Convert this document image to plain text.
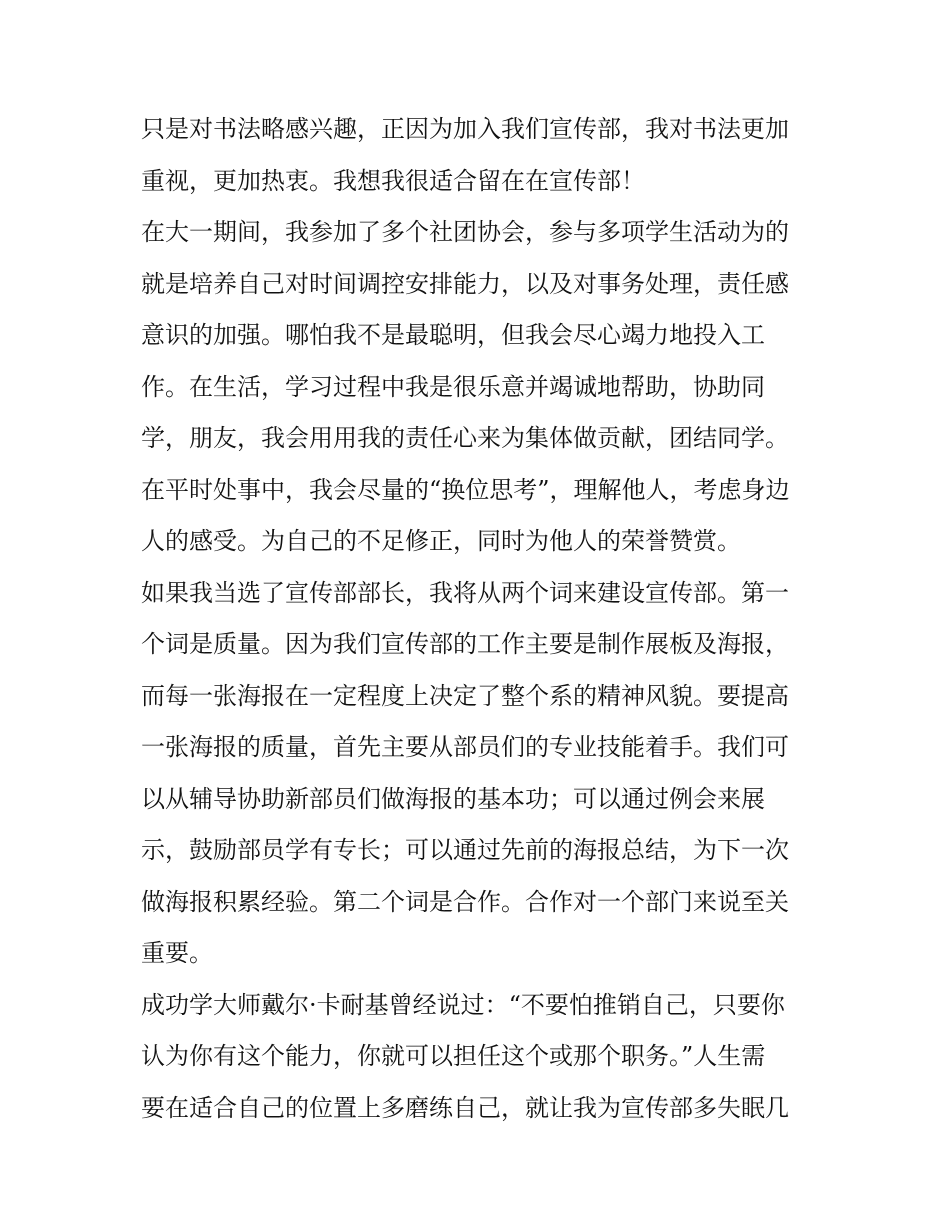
只是对书法略感兴趣，正因为加入我们宣传部，我对书法更加
重视，更加热衷。我想我很适合留在在宣传部！
在大一期间，我参加了多个社团协会，参与多项学生活动为的
就是培养自己对时间调控安排能力，以及对事务处理，责任感
意识的加强。哪怕我不是最聪明，但我会尽心竭力地投入工
作。在生活，学习过程中我是很乐意并竭诚地帮助，协助同
学，朋友，我会用用我的责任心来为集体做贡献，团结同学。
在平时处事中，我会尽量的“换位思考”，理解他人，考虑身边
人的感受。为自己的不足修正，同时为他人的荣誉赞赏。
如果我当选了宣传部部长，我将从两个词来建设宣传部。第一
个词是质量。因为我们宣传部的工作主要是制作展板及海报，
而每一张海报在一定程度上决定了整个系的精神风貌。要提高
一张海报的质量，首先主要从部员们的专业技能着手。我们可
以从辅导协助新部员们做海报的基本功；可以通过例会来展
示，鼓励部员学有专长；可以通过先前的海报总结，为下一次
做海报积累经验。第二个词是合作。合作对一个部门来说至关
重要。
成功学大师戴尔·卡耐基曾经说过：“不要怕推销自己，只要你
认为你有这个能力，你就可以担任这个或那个职务。”人生需
要在适合自己的位置上多磨练自己，就让我为宣传部多失眠几
